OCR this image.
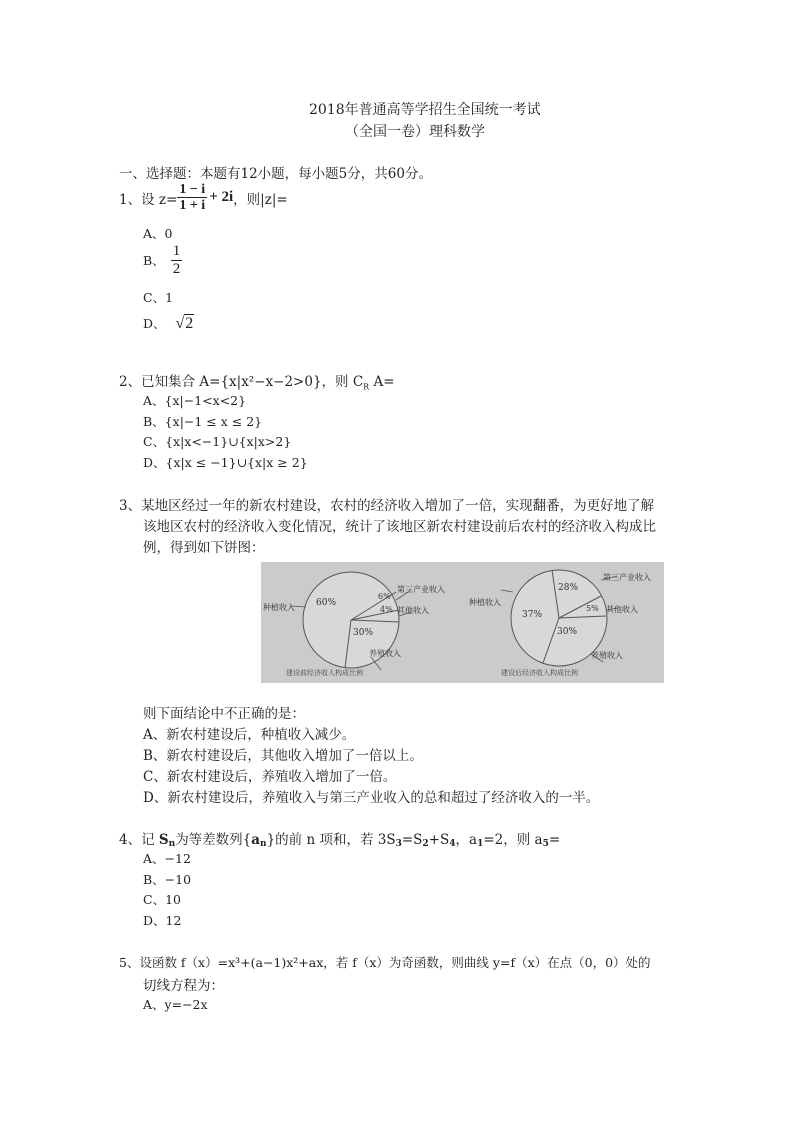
2018年普通高等学招生全国统一考试
（全国一卷）理科数学
一、选择题：本题有12小题，每小题5分，共60分。
1、设 $z= \frac{1 - i}{1 + i} + 2i$ ，则|z|=
A、0
B、 $\frac{1}{2}$
C、1
D、 √2
2、已知集合 A={x|x²−x−2>0}，则 $C_R$ A=
A、{x|−1<x<2}
B、{x|−1 ≤ x ≤ 2}
C、{x|x<−1}∪{x|x>2}
D、{x|x ≤ −1}∪{x|x ≥ 2}
3、某地区经过一年的新农村建设，农村的经济收入增加了一倍，实现翻番，为更好地了解
该地区农村的经济收入变化情况，统计了该地区新农村建设前后农村的经济收入构成比
例，得到如下饼图：
60%
6%
4%
30%
种植收入
第三产业收入
其他收入
养殖收入
建设前经济收入构成比例
37%
28%
5%
30%
种植收入
第三产业收入
其他收入
养殖收入
建设后经济收入构成比例
则下面结论中不正确的是：
A、新农村建设后，种植收入减少。
B、新农村建设后，其他收入增加了一倍以上。
C、新农村建设后，养殖收入增加了一倍。
D、新农村建设后，养殖收入与第三产业收入的总和超过了经济收入的一半。
4、记 $S_n$为等差数列$\{a_n\}$的前 n 项和，若 $3S_3=S_2+S_4$，$a_1=2$，则 $a_5=$
A、−12
B、−10
C、10
D、12
5、设函数 f（x）=x³+(a−1)x²+ax，若 f（x）为奇函数，则曲线 y=f（x）在点（0，0）处的
切线方程为：
A、y=−2x
